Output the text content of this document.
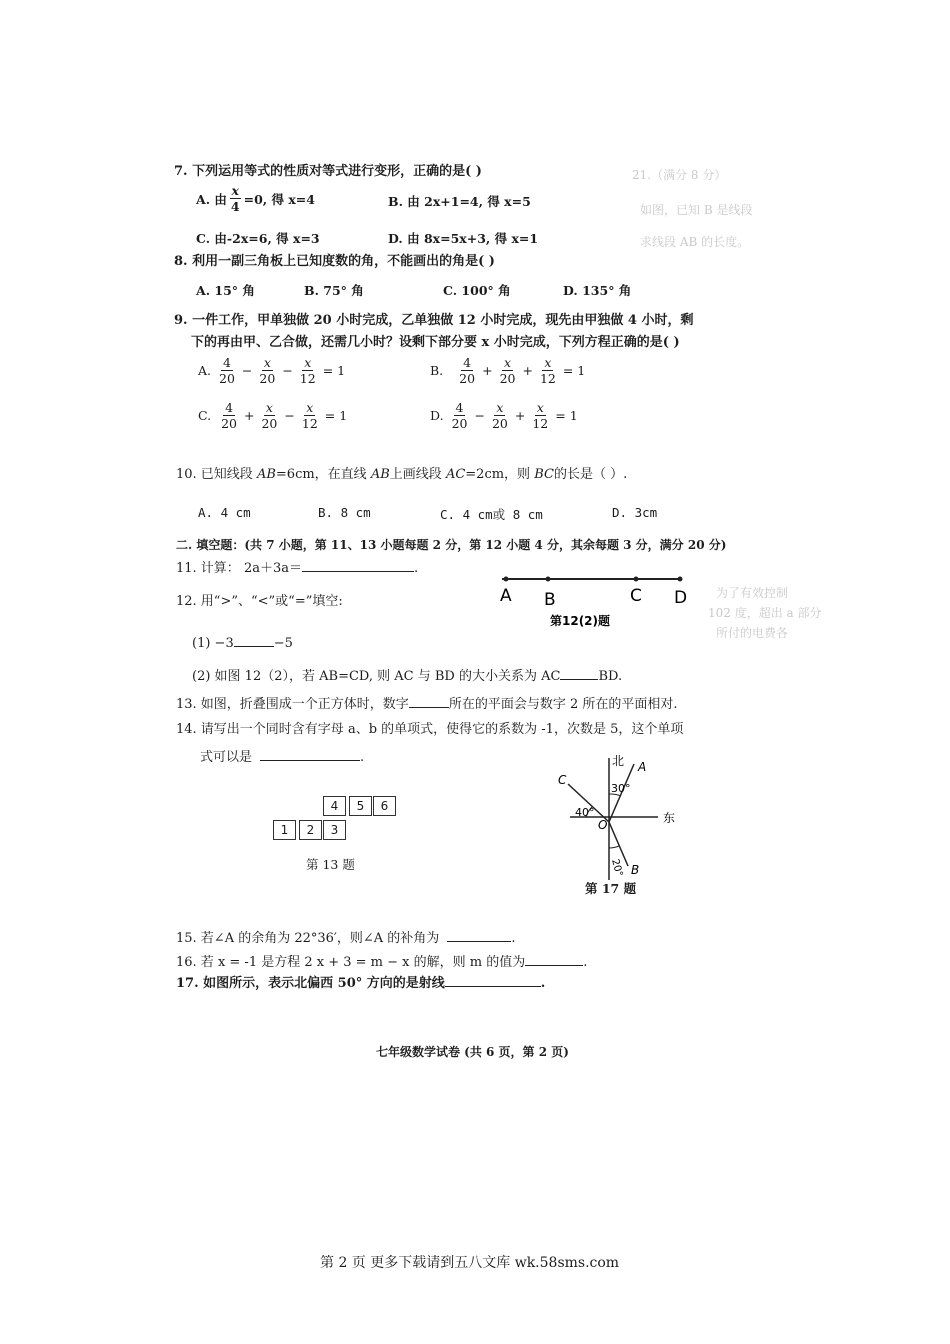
21.（满分 8 分）
如图，已知 B 是线段
求线段 AB 的长度。
为了有效控制
102 度，超出 a 部分
所付的电费各
7. 下列运用等式的性质对等式进行变形，正确的是( )
A. 由 $\frac{x}{4} =0$, 得 x=4	B. 由 2x+1=4, 得 x=5
C. 由-2x=6, 得 x=3	D. 由 8x=5x+3, 得 x=1
8. 利用一副三角板上已知度数的角，不能画出的角是( )
A. 15° 角	B. 75° 角	C. 100° 角	D. 135° 角
9. 一件工作，甲单独做 20 小时完成，乙单独做 12 小时完成，现先由甲独做 4 小时，剩
下的再由甲、乙合做，还需几小时？设剩下部分要 x 小时完成，下列方程正确的是( )
A. $\frac{4}{20} - \frac{x}{20} - \frac{x}{12} = 1$	B. $\frac{4}{20} + \frac{x}{20} + \frac{x}{12} = 1$
C. $\frac{4}{20} + \frac{x}{20} - \frac{x}{12} = 1$	D. $\frac{4}{20} - \frac{x}{20} + \frac{x}{12} = 1$
10. 已知线段 AB=6cm，在直线 AB上画线段 AC=2cm，则 BC的长是（ ）.
A. 4 cm	B. 8 cm	C. 4 cm或 8 cm	D. 3cm
二. 填空题：(共 7 小题，第 11、13 小题每题 2 分，第 12 小题 4 分，其余每题 3 分，满分 20 分)
11. 计算： 2a＋3a＝	.
12. 用“>”、“<”或“=”填空:	A B	C D
第12(2)题
(1) −3	−5
(2) 如图 12（2），若 AB=CD, 则 AC 与 BD 的大小关系为 AC	BD.
13. 如图，折叠围成一个正方体时，数字	所在的平面会与数字 2 所在的平面相对.
14. 请写出一个同时含有字母 a、b 的单项式，使得它的系数为 -1，次数是 5，这个单项
式可以是	.
4	5	6
1	2	3
第 13 题
北
东
A
C
B
O
30°
40°
20°
第 17 题
15. 若∠A 的余角为 22°36′，则∠A 的补角为	.
16. 若 x = -1 是方程 2 x + 3 = m − x 的解，则 m 的值为	.
17. 如图所示，表示北偏西 50° 方向的是射线	.
七年级数学试卷 (共 6 页，第 2 页)
第 2 页 更多下载请到五八文库 wk.58sms.com
